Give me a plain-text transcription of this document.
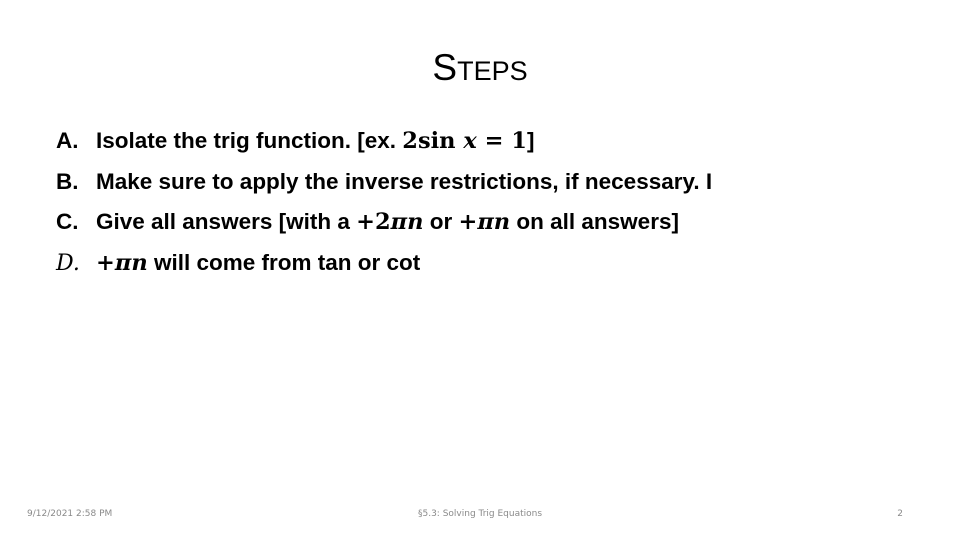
STEPS
A. Isolate the trig function. [ex. 2sin x = 1]
B. Make sure to apply the inverse restrictions, if necessary. I
C. Give all answers [with a +2πn or +πn on all answers]
D. +πn will come from tan or cot
9/12/2021 2:58 PM	§5.3: Solving Trig Equations	2
